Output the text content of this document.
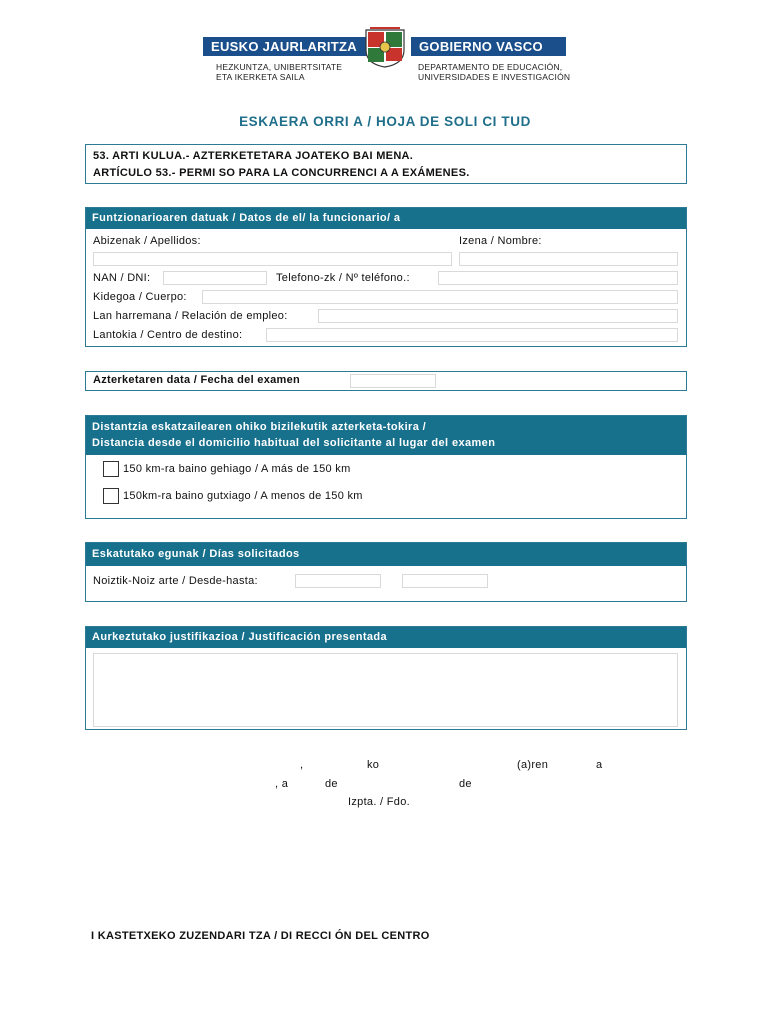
EUSKO JAURLARITZA	GOBIERNO VASCO
HEZKUNTZA, UNIBERTSITATE
ETA IKERKETA SAILA
DEPARTAMENTO DE EDUCACIÓN,
UNIVERSIDADES E INVESTIGACIÓN
ESKAERA ORRI A / HOJA DE SOLI CI TUD
53. ARTI KULUA.- AZTERKETETARA JOATEKO BAI MENA.
ARTÍCULO 53.- PERMI SO PARA LA CONCURRENCI A A EXÁMENES.
Funtzionarioaren datuak / Datos de el/ la funcionario/ a
Abizenak / Apellidos:	Izena / Nombre:
NAN / DNI:	Telefono-zk / Nº teléfono.:
Kidegoa / Cuerpo:
Lan harremana / Relación de empleo:
Lantokia / Centro de destino:
Azterketaren data / Fecha del examen
Distantzia eskatzailearen ohiko bizilekutik azterketa-tokira /
Distancia desde el domicilio habitual del solicitante al lugar del examen
150 km-ra baino gehiago / A más de 150 km
150km-ra baino gutxiago / A menos de 150 km
Eskatutako egunak / Días solicitados
Noiztik-Noiz arte / Desde-hasta:
Aurkeztutako justifikazioa / Justificación presentada
,	ko	(a)ren	a
, a	de	de
Izpta. / Fdo.
I KASTETXEKO ZUZENDARI TZA / DI RECCI ÓN DEL CENTRO
